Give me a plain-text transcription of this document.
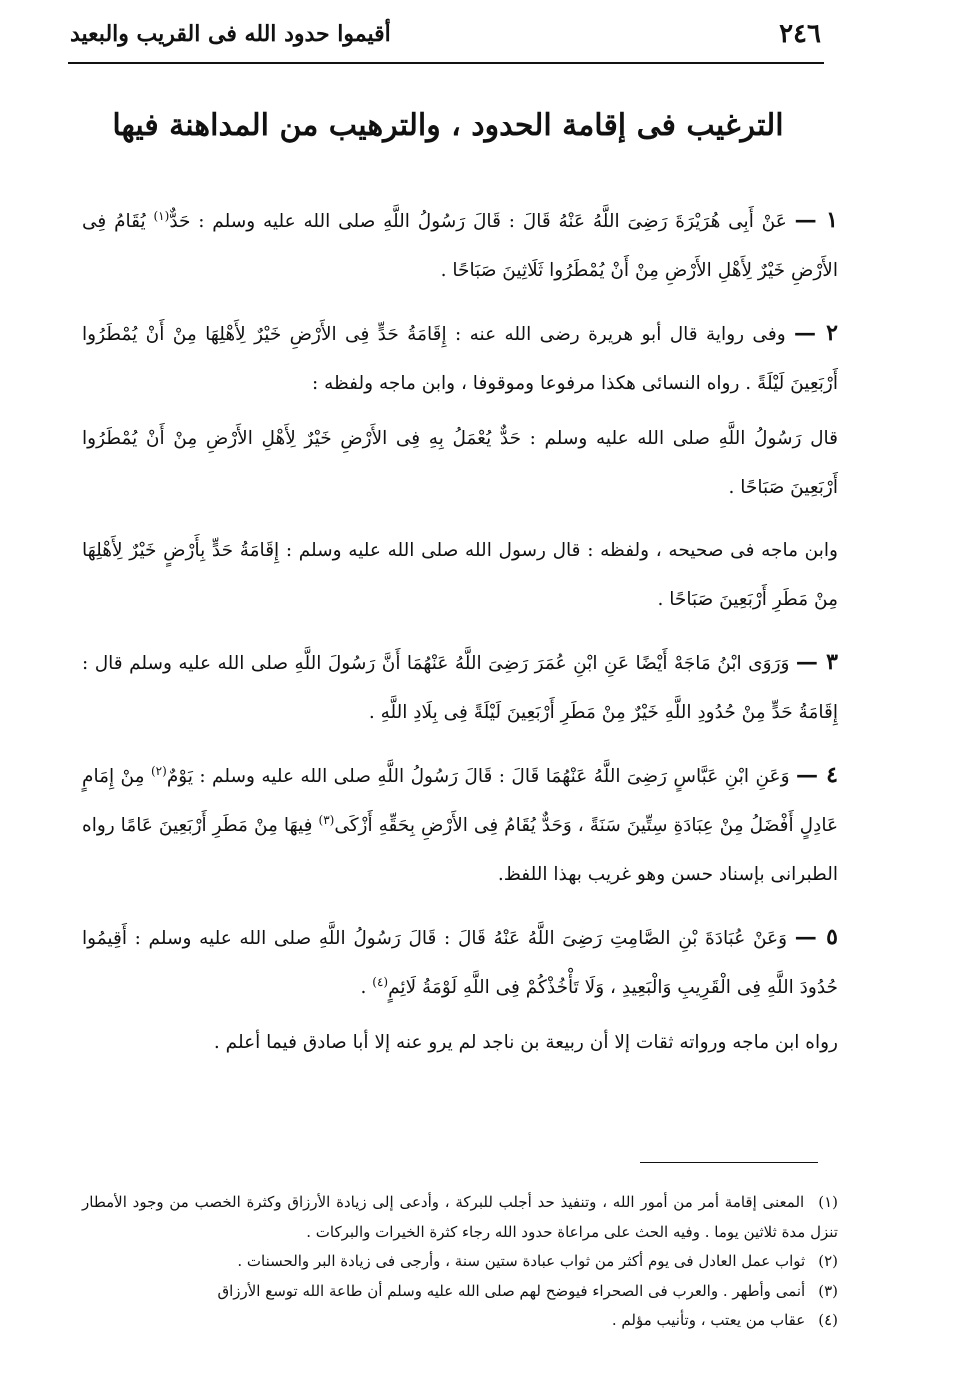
٢٤٦
أقيموا حدود الله فى القريب والبعيد
الترغيب فى إقامة الحدود ، والترهيب من المداهنة فيها

١ — عَنْ أَبِى هُرَيْرَةَ رَضِىَ اللَّهُ عَنْهُ قَالَ : قَالَ رَسُولُ اللَّهِ صلى الله عليه وسلم : حَدٌّ$^{(١)}$ يُقَامُ فِى الأَرْضِ خَيْرٌ لِأَهْلِ الأَرْضِ مِنْ أَنْ يُمْطَرُوا ثَلَاثِينَ صَبَاحًا .

٢ — وفى رواية قال أبو هريرة رضى الله عنه : إِقَامَةُ حَدٍّ فِى الأَرْضِ خَيْرٌ لِأَهْلِهَا مِنْ أَنْ يُمْطَرُوا أَرْبَعِينَ لَيْلَةً . رواه النسائى هكذا مرفوعا وموقوفا ، وابن ماجه ولفظه :

قال رَسُولُ اللَّهِ صلى الله عليه وسلم : حَدٌّ يُعْمَلُ بِهِ فِى الأَرْضِ خَيْرٌ لِأَهْلِ الأَرْضِ مِنْ أَنْ يُمْطَرُوا أَرْبَعِينَ صَبَاحًا .

وابن ماجه فى صحيحه ، ولفظه : قال رسول الله صلى الله عليه وسلم : إِقَامَةُ حَدٍّ بِأَرْضٍ خَيْرٌ لِأَهْلِهَا مِنْ مَطَرِ أَرْبَعِينَ صَبَاحًا .

٣ — وَرَوَى ابْنُ مَاجَهْ أَيْضًا عَنِ ابْنِ عُمَرَ رَضِىَ اللَّهُ عَنْهُمَا أَنَّ رَسُولَ اللَّهِ صلى الله عليه وسلم قال : إِقَامَةُ حَدٍّ مِنْ حُدُودِ اللَّهِ خَيْرٌ مِنْ مَطَرِ أَرْبَعِينَ لَيْلَةً فِى بِلَادِ اللَّهِ .

٤ — وَعَنِ ابْنِ عَبَّاسٍ رَضِىَ اللَّهُ عَنْهُمَا قَالَ : قَالَ رَسُولُ اللَّهِ صلى الله عليه وسلم : يَوْمٌ$^{(٢)}$ مِنْ إِمَامٍ عَادِلٍ أَفْضَلُ مِنْ عِبَادَةِ سِتِّينَ سَنَةً ، وَحَدٌّ يُقَامُ فِى الأَرْضِ بِحَقِّهِ أَزْكَى$^{(٣)}$ فِيهَا مِنْ مَطَرِ أَرْبَعِينَ عَامًا رواه الطبرانى بإسناد حسن وهو غريب بهذا اللفظ.

٥ — وَعَنْ عُبَادَةَ بْنِ الصَّامِتِ رَضِىَ اللَّهُ عَنْهُ قَالَ : قَالَ رَسُولُ اللَّهِ صلى الله عليه وسلم : أَقِيمُوا حُدُودَ اللَّهِ فِى الْقَرِيبِ وَالْبَعِيدِ ، وَلَا تَأْخُذْكُمْ فِى اللَّهِ لَوْمَةُ لَائِمٍ$^{(٤)}$ .

رواه ابن ماجه ورواته ثقات إلا أن ربيعة بن ناجد لم يرو عنه إلا أبا صادق فيما أعلم .

(١) المعنى إقامة أمر من أمور الله ، وتنفيذ حد أجلب للبركة ، وأدعى إلى زيادة الأرزاق وكثرة الخصب من وجود الأمطار تنزل مدة ثلاثين يوما . وفيه الحث على مراعاة حدود الله رجاء كثرة الخيرات والبركات .

(٢) ثواب عمل العادل فى يوم أكثر من ثواب عبادة ستين سنة ، وأرجى فى زيادة البر والحسنات .

(٣) أنمى وأطهر . والعرب فى الصحراء فيوضح لهم صلى الله عليه وسلم أن طاعة الله توسع الأرزاق

(٤) عقاب من يعتب ، وتأنيب مؤلم .
